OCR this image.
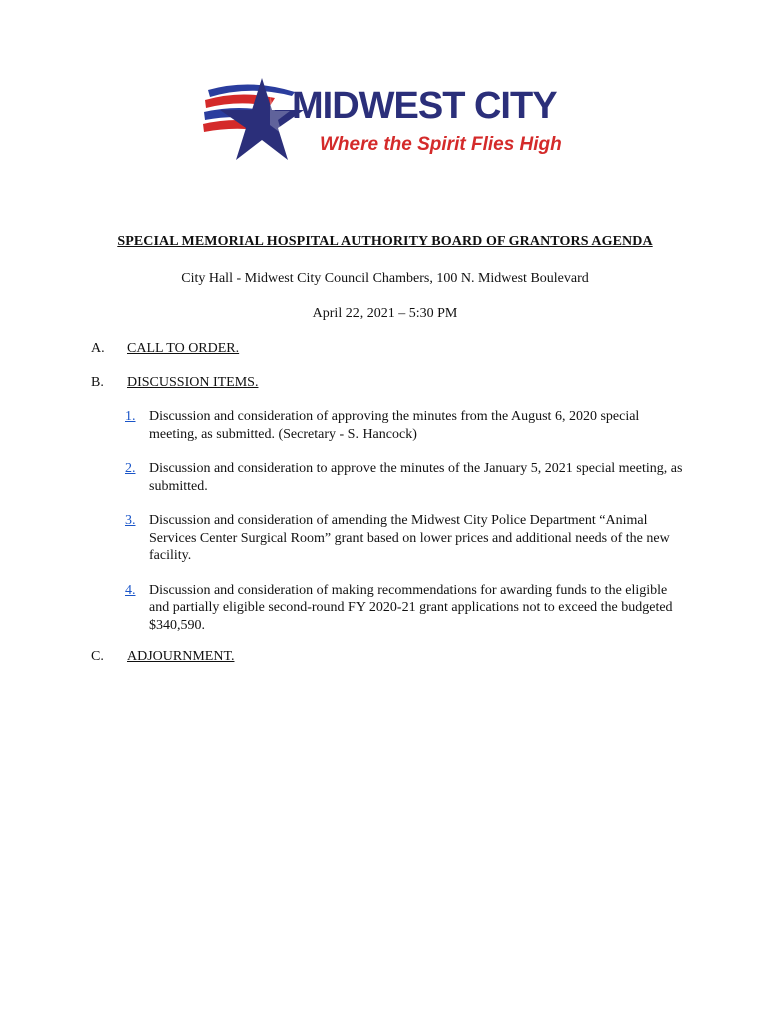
MIDWEST CITY
Where the Spirit Flies High
SPECIAL MEMORIAL HOSPITAL AUTHORITY BOARD OF GRANTORS AGENDA
City Hall - Midwest City Council Chambers, 100 N. Midwest Boulevard
April 22, 2021 – 5:30 PM
A. CALL TO ORDER.
B. DISCUSSION ITEMS.
1. Discussion and consideration of approving the minutes from the August 6, 2020 special meeting, as submitted. (Secretary - S. Hancock)
2. Discussion and consideration to approve the minutes of the January 5, 2021 special meeting, as submitted.
3. Discussion and consideration of amending the Midwest City Police Department “Animal Services Center Surgical Room” grant based on lower prices and additional needs of the new facility.
4. Discussion and consideration of making recommendations for awarding funds to the eligible and partially eligible second-round FY 2020-21 grant applications not to exceed the budgeted $340,590.
C. ADJOURNMENT.
